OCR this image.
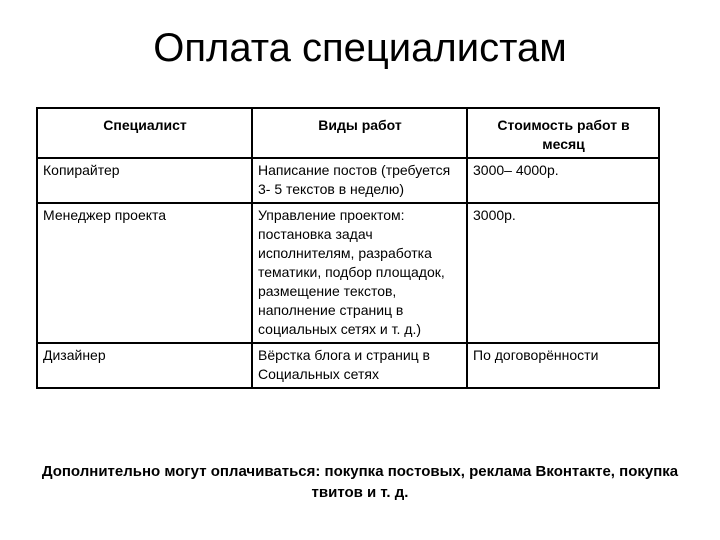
Оплата специалистам
Специалист	Виды работ	Стоимость работ в месяц

Копирайтер	Написание постов (требуется 3- 5 текстов в неделю)	3000– 4000р.
Менеджер проекта	Управление проектом: постановка задач исполнителям, разработка тематики, подбор площадок, размещение текстов, наполнение страниц в социальных сетях и т. д.)	3000р.
Дизайнер	Вёрстка блога и страниц в Социальных сетях	По договорённости

Дополнительно могут оплачиваться: покупка постовых, реклама Вконтакте, покупка твитов и т. д.
